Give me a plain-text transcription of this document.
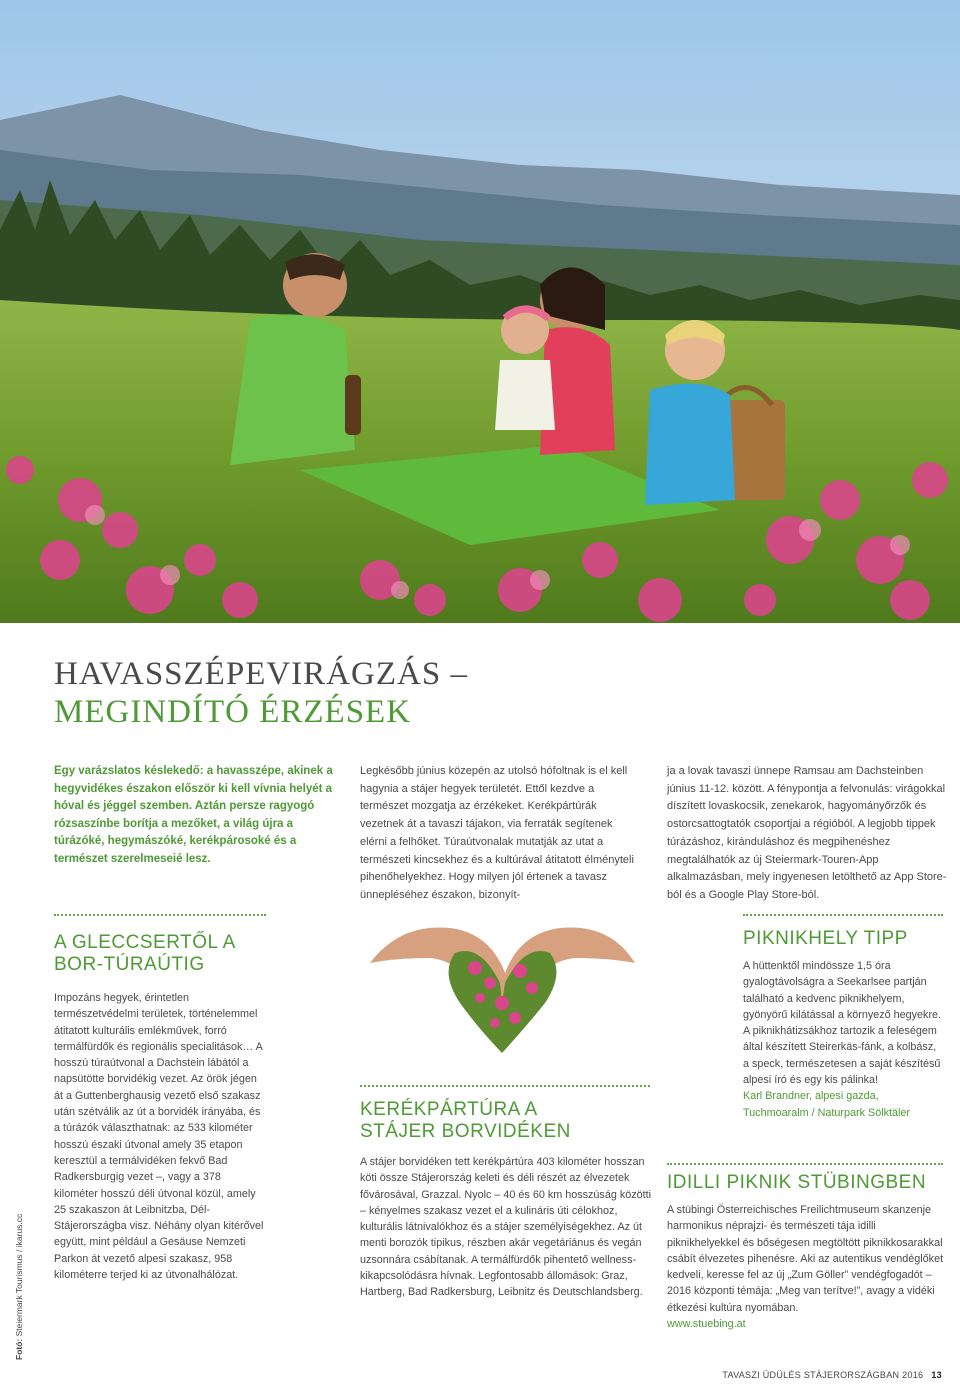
HAVASSZÉPEVIRÁGZÁS –
MEGINDÍTÓ ÉRZÉSEK
Egy varázslatos késlekedő: a havasszépe, akinek a hegyvidékes északon először ki kell vívnia helyét a hóval és jéggel szemben. Aztán persze ragyogó rózsaszínbe borítja a mezőket, a világ újra a túrázóké, hegymászóké, kerékpárosoké és a természet szerelmeseié lesz.
Legkésőbb június közepén az utolsó hófoltnak is el kell hagynia a stájer hegyek területét. Ettől kezdve a természet mozgatja az érzékeket. Kerékpártúrák vezetnek át a tavaszi tájakon, via ferraták segítenek elérni a felhőket. Túraútvonalak mutatják az utat a természeti kincsekhez és a kultúrával átitatott élményteli pihenőhelyekhez. Hogy milyen jól értenek a tavasz ünnepléséhez északon, bizonyít-
ja a lovak tavaszi ünnepe Ramsau am Dachsteinben június 11-12. között. A fénypontja a felvonulás: virágokkal díszített lovaskocsik, zenekarok, hagyományőrzők és ostorcsattogtatók csoportjai a régióból. A legjobb tippek túrázáshoz, kiránduláshoz és megpihenéshez megtalálhatók az új Steiermark-Touren-App alkalmazásban, mely ingyenesen letölthető az App Store-ból és a Google Play Store-ból.
A GLECCSERTŐL A
BOR-TÚRAÚTIG
Impozáns hegyek, érintetlen természetvédelmi területek, történelemmel átitatott kulturális emlékművek, forró termálfürdők és regionális specialitások… A hosszú túraútvonal a Dachstein lábától a napsütötte borvidékig vezet. Az örök jégen át a Guttenberghausig vezető első szakasz után szétválik az út a borvidék irányába, és a túrázók választhatnak: az 533 kilométer hosszú északi útvonal amely 35 etapon keresztül a termálvidéken fekvő Bad Radkersburgig vezet –, vagy a 378 kilométer hosszú déli útvonal közül, amely 25 szakaszon át Leibnitzba, Dél-Stájerországba visz. Néhány olyan kitérővel együtt, mint például a Gesäuse Nemzeti Parkon át vezető alpesi szakasz, 958 kilométerre terjed ki az útvonalhálózat.
KERÉKPÁRTÚRA A
STÁJER BORVIDÉKEN
A stájer borvidéken tett kerékpártúra 403 kilométer hosszan köti össze Stájerország keleti és déli részét az élvezetek fővárosával, Grazzal. Nyolc – 40 és 60 km hosszúság közötti – kényelmes szakasz vezet el a kulináris úti célokhoz, kulturális látnivalókhoz és a stájer személyiségekhez. Az út menti borozók tipikus, részben akár vegetáriánus és vegán uzsonnára csábítanak. A termálfürdők pihentető wellness-kikapcsolódásra hívnak. Legfontosabb állomások: Graz, Hartberg, Bad Radkersburg, Leibnitz és Deutschlandsberg.
PIKNIKHELY TIPP
A hüttenktől mindössze 1,5 óra gyalogtávolságra a Seekarlsee partján található a kedvenc piknikhelyem, gyönyörű kilátással a környező hegyekre. A piknikhátizsákhoz tartozik a feleségem által készített Steirerkäs-fánk, a kolbász, a speck, természetesen a saját készítésű alpesi író és egy kis pálinka!
Karl Brandner, alpesi gazda, Tuchmoaralm / Naturpark Sölktäler
IDILLI PIKNIK STÜBINGBEN
A stübingi Österreichisches Freilichtmuseum skanzenje harmonikus néprajzi- és természeti tája idilli piknikhelyekkel és bőségesen megtöltött piknikkosarakkal csábít élvezetes pihenésre. Aki az autentikus vendéglőket kedveli, keresse fel az új „Zum Göller” vendégfogadót – 2016 központi témája: „Meg van terítve!”, avagy a vidéki étkezési kultúra nyomában.
www.stuebing.at
Fotó: Steiermark Tourismus / ikarus.cc
TAVASZI ÜDÜLÉS STÁJERORSZÁGBAN 2016 13
